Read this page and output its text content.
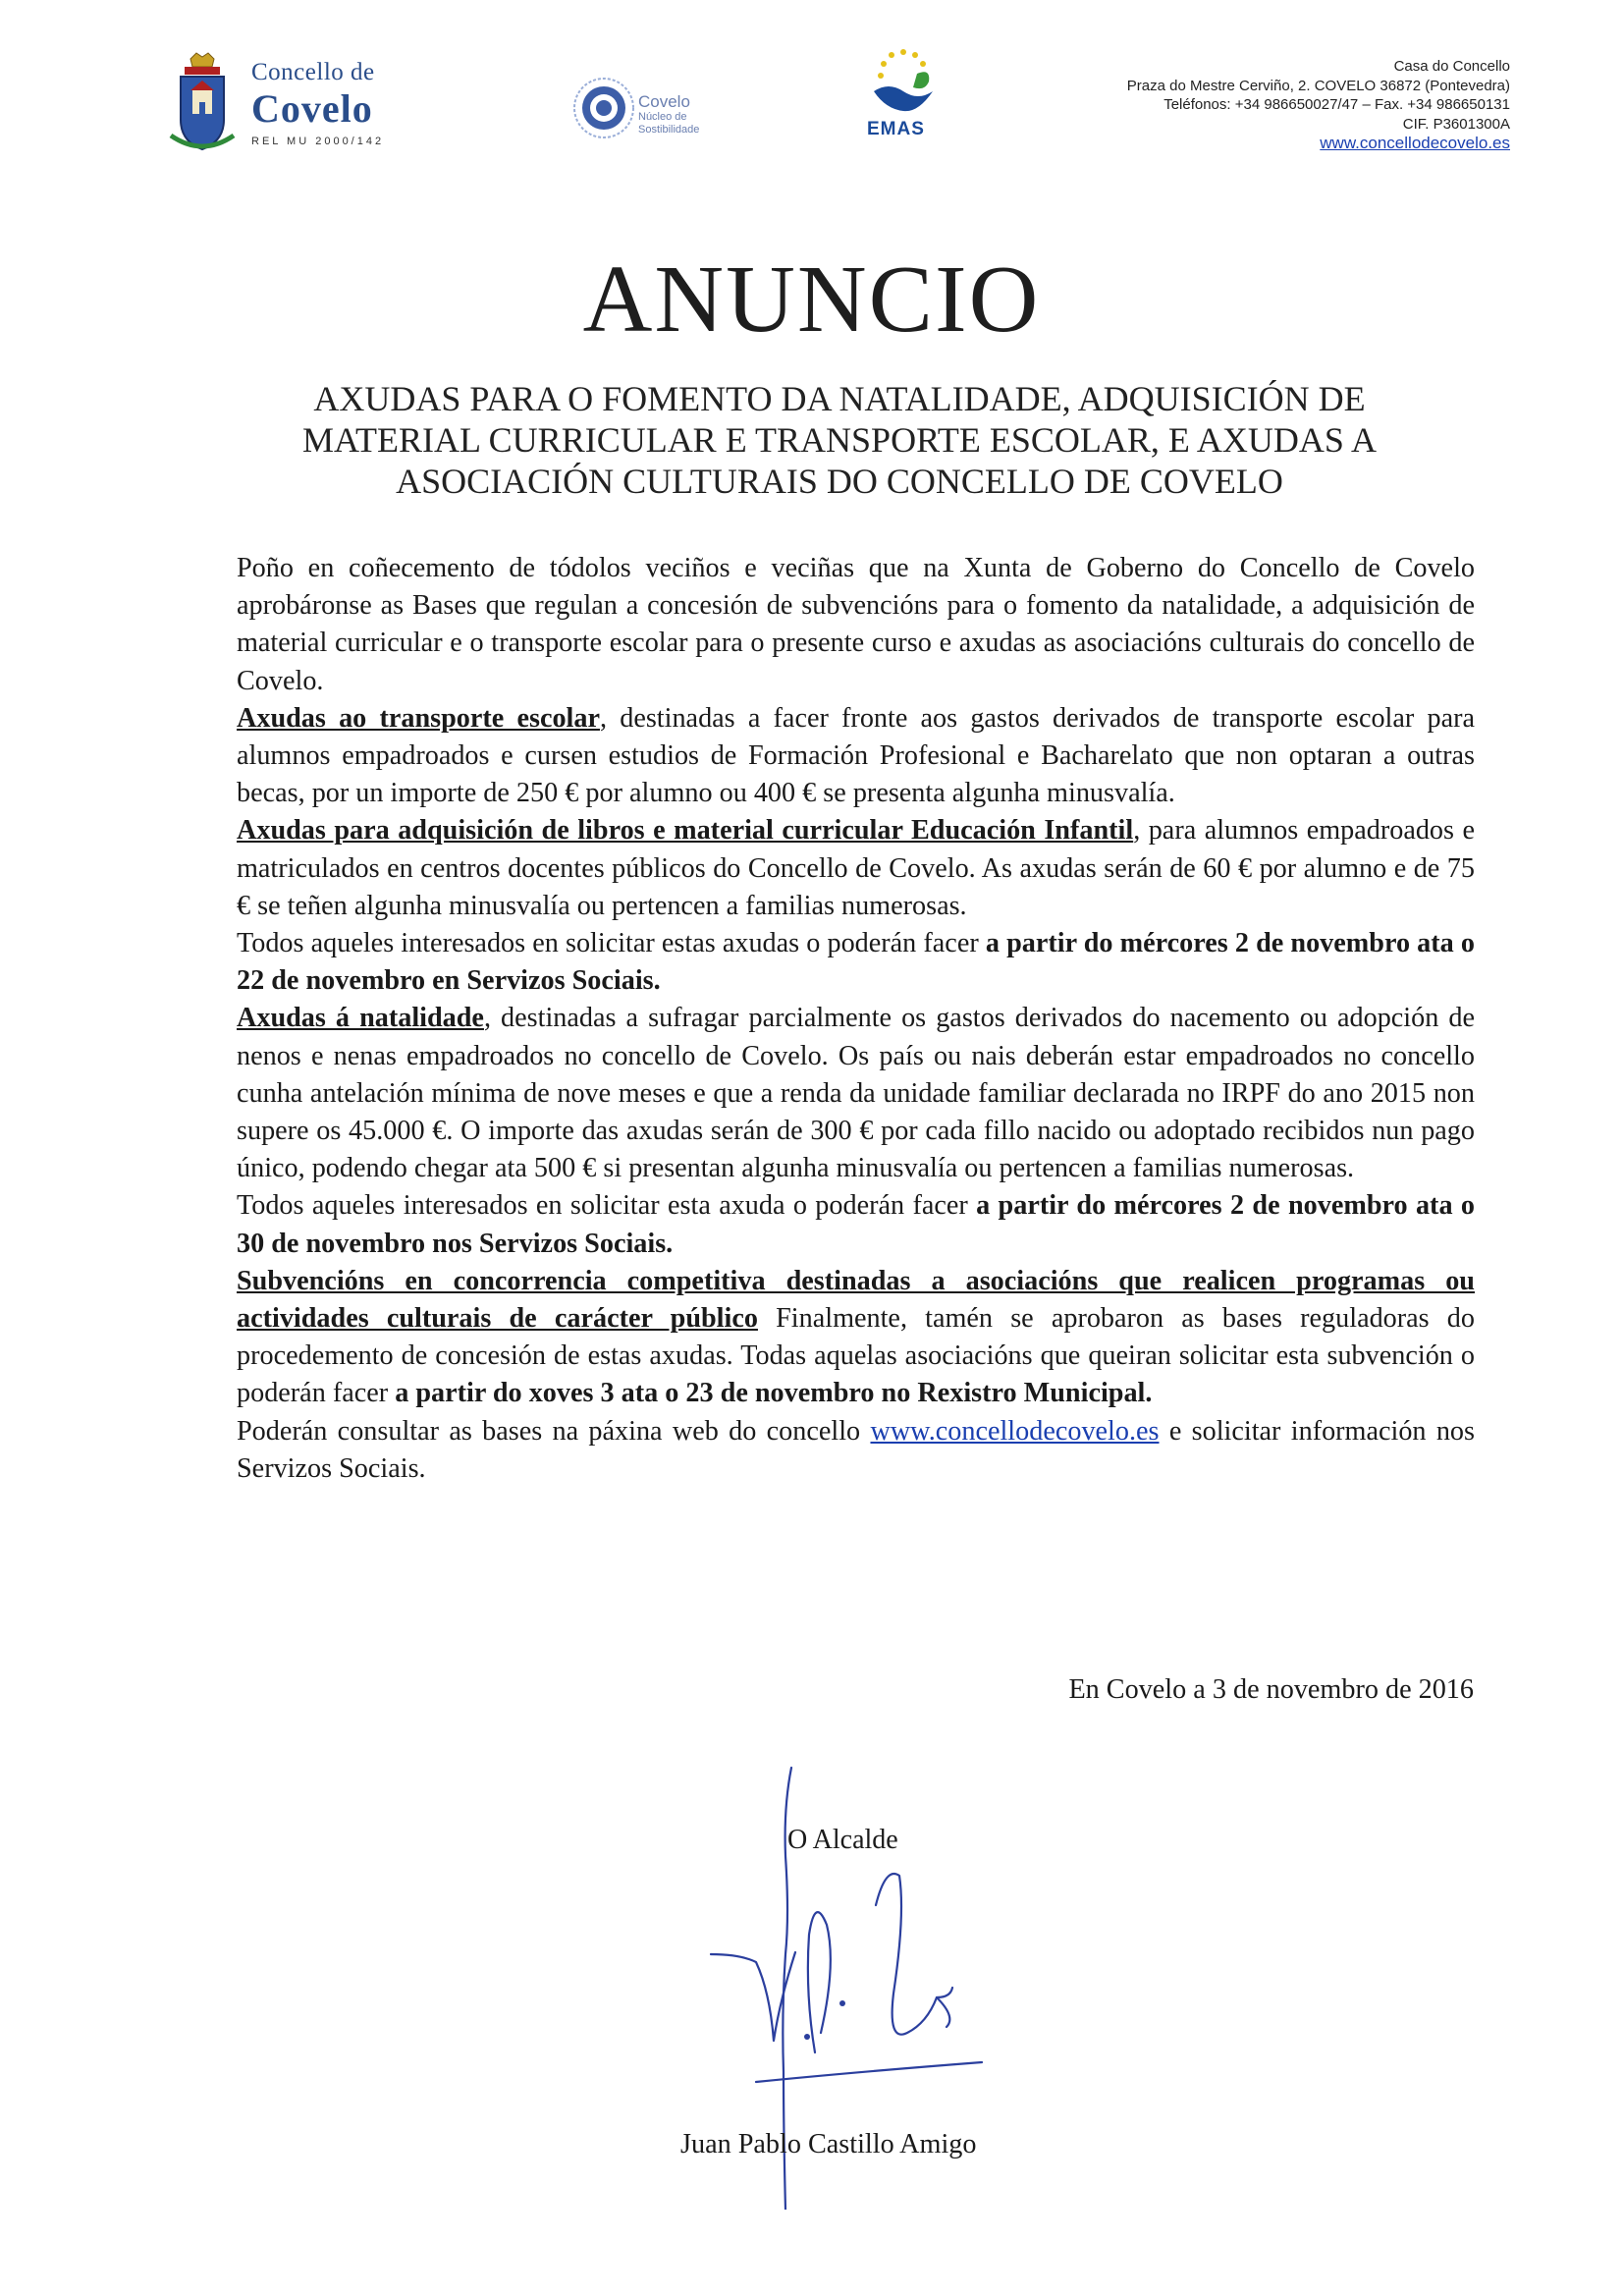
Concello de
Covelo
REL MU 2000/142
Covelo
Núcleo de
Sostibilidade	EMAS
Casa do Concello
Praza do Mestre Cerviño, 2. COVELO 36872 (Pontevedra)
Teléfonos: +34 986650027/47 – Fax. +34 986650131
CIF. P3601300A
www.concellodecovelo.es
ANUNCIO
AXUDAS PARA O FOMENTO DA NATALIDADE, ADQUISICIÓN DE MATERIAL CURRICULAR E TRANSPORTE ESCOLAR, E AXUDAS A ASOCIACIÓN CULTURAIS DO CONCELLO DE COVELO

Poño en coñecemento de tódolos veciños e veciñas que na Xunta de Goberno do Concello de Covelo aprobáronse as Bases que regulan a concesión de subvencións para o fomento da natalidade, a adquisición de material curricular e o transporte escolar para o presente curso e axudas as asociacións culturais do concello de Covelo.

Axudas ao transporte escolar, destinadas a facer fronte aos gastos derivados de transporte escolar para alumnos empadroados e cursen estudios de Formación Profesional e Bacharelato que non optaran a outras becas, por un importe de 250 € por alumno ou 400 € se presenta algunha minusvalía.

Axudas para adquisición de libros e material curricular Educación Infantil, para alumnos empadroados e matriculados en centros docentes públicos do Concello de Covelo. As axudas serán de 60 € por alumno e de 75 € se teñen algunha minusvalía ou pertencen a familias numerosas.

Todos aqueles interesados en solicitar estas axudas o poderán facer a partir do mércores 2 de novembro ata o 22 de novembro en Servizos Sociais.

Axudas á natalidade, destinadas a sufragar parcialmente os gastos derivados do nacemento ou adopción de nenos e nenas empadroados no concello de Covelo. Os país ou nais deberán estar empadroados no concello cunha antelación mínima de nove meses e que a renda da unidade familiar declarada no IRPF do ano 2015 non supere os 45.000 €. O importe das axudas serán de 300 € por cada fillo nacido ou adoptado recibidos nun pago único, podendo chegar ata 500 € si presentan algunha minusvalía ou pertencen a familias numerosas.

Todos aqueles interesados en solicitar esta axuda o poderán facer a partir do mércores 2 de novembro ata o 30 de novembro nos Servizos Sociais.

Subvencións en concorrencia competitiva destinadas a asociacións que realicen programas ou actividades culturais de carácter público Finalmente, tamén se aprobaron as bases reguladoras do procedemento de concesión de estas axudas. Todas aquelas asociacións que queiran solicitar esta subvención o poderán facer a partir do xoves 3 ata o 23 de novembro no Rexistro Municipal.

Poderán consultar as bases na páxina web do concello www.concellodecovelo.es e solicitar información nos Servizos Sociais.

En Covelo a 3 de novembro de 2016
O Alcalde
Juan Pablo Castillo Amigo
